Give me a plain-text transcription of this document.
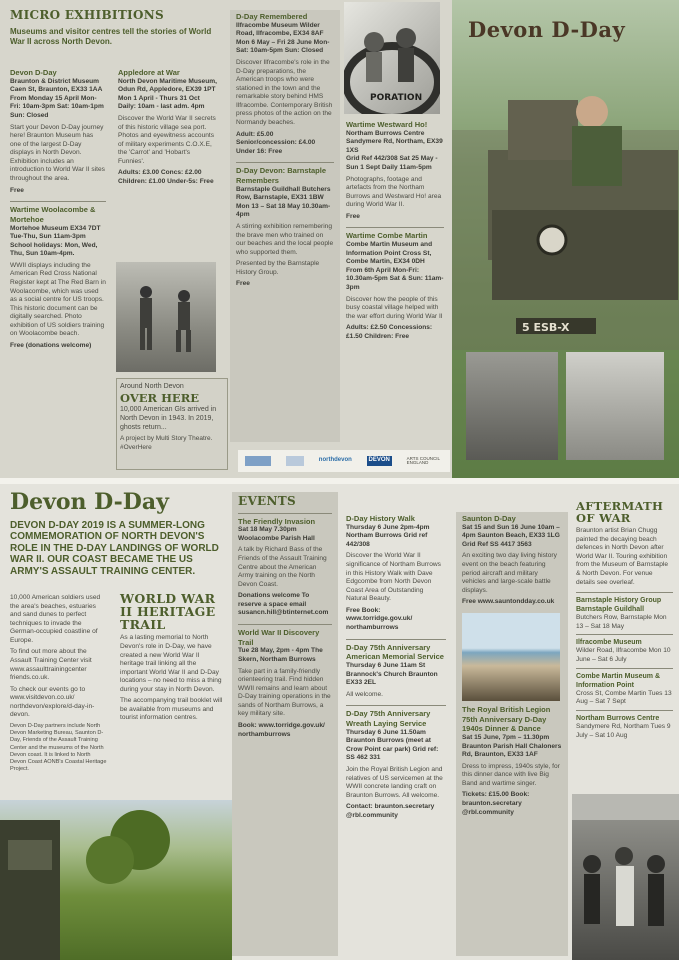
MICRO EXHIBITIONS
Museums and visitor centres tell the stories of World War II across North Devon.
Devon D-Day
Braunton & District Museum Caen St, Braunton, EX33 1AA
From Monday 15 April Mon-Fri: 10am-3pm Sat: 10am-1pm Sun: Closed

Start your Devon D-Day journey here! Braunton Museum has one of the largest D-Day displays in North Devon. Exhibition includes an introduction to World War II sites throughout the area.

Free

Wartime Woolacombe & Mortehoe
Mortehoe Museum EX34 7DT
Tue-Thu, Sun 11am-3pm School holidays: Mon, Wed, Thu, Sun 10am-4pm.

WWII displays including the American Red Cross National Register kept at The Red Barn in Woolacombe, which was used as a social centre for US troops. This historic document can be digitally searched. Photo exhibition of US soldiers training on Woolacombe beach.

Free (donations welcome)

Appledore at War
North Devon Maritime Museum, Odun Rd, Appledore, EX39 1PT
Mon 1 April - Thurs 31 Oct Daily: 10am - last adm. 4pm

Discover the World War II secrets of this historic village sea port. Photos and eyewitness accounts of military experiments C.O.X.E, the 'Carrot' and 'Hobart's Funnies'.

Adults: £3.00 Concs: £2.00 Children: £1.00 Under-5s: Free

Around North Devon
OVER HERE
10,000 American GIs arrived in North Devon in 1943. In 2019, ghosts return...
A project by Multi Story Theatre. #OverHere
D-Day Remembered
Ilfracombe Museum Wilder Road, Ilfracombe, EX34 8AF
Mon 6 May – Fri 28 June Mon-Sat: 10am-5pm Sun: Closed

Discover Ilfracombe's role in the D-Day preparations, the American troops who were stationed in the town and the remarkable story behind HMS Ilfracombe. Contemporary British press photos of the action on the Normandy beaches.

Adult: £5.00 Senior/concession: £4.00 Under 16: Free

D-Day Devon: Barnstaple Remembers
Barnstaple Guildhall Butchers Row, Barnstaple, EX31 1BW
Mon 13 – Sat 18 May 10.30am-4pm

A stirring exhibition remembering the brave men who trained on our beaches and the local people who supported them.

Presented by the Barnstaple History Group.

Free

PORATION
Wartime Westward Ho!
Northam Burrows Centre Sandymere Rd, Northam, EX39 1XS
Grid Ref 442/308 Sat 25 May - Sun 1 Sept Daily 11am-5pm

Photographs, footage and artefacts from the Northam Burrows and Westward Ho! area during World War II.

Free

Wartime Combe Martin
Combe Martin Museum and Information Point Cross St, Combe Martin, EX34 0DH
From 6th April Mon-Fri: 10.30am-5pm Sat & Sun: 11am-3pm

Discover how the people of this busy coastal village helped with the war effort during World War II

Adults: £2.50 Concessions: £1.50 Children: Free

northdevon	DEVON	ARTS COUNCIL ENGLAND
Devon D-Day
5 ESB-X
Devon D-Day
DEVON D-DAY 2019 IS A SUMMER-LONG COMMEMORATION OF NORTH DEVON'S ROLE IN THE D-DAY LANDINGS OF WORLD WAR II. OUR COAST BECAME THE US ARMY'S ASSAULT TRAINING CENTER.
10,000 American soldiers used the area's beaches, estuaries and sand dunes to perfect techniques to invade the German-occupied coastline of Europe.

To find out more about the Assault Training Center visit www.assaulttrainingcenter friends.co.uk.

To check our events go to www.visitdevon.co.uk/ northdevon/explore/d-day-in-devon.

Devon D-Day partners include North Devon Marketing Bureau, Saunton D-Day, Friends of the Assault Training Center and the museums of the North Devon coast. It is linked to North Devon Coast AONB's Coastal Heritage Project.

WORLD WAR II HERITAGE TRAIL

As a lasting memorial to North Devon's role in D-Day, we have created a new World War II heritage trail linking all the important World War II and D-Day locations – no need to miss a thing during your stay in North Devon.

The accompanying trail booklet will be available from museums and tourist information centres.

EVENTS
The Friendly Invasion
Sat 18 May 7.30pm Woolacombe Parish Hall

A talk by Richard Bass of the Friends of the Assault Training Centre about the American Army training on the North Devon Coast.

Donations welcome To reserve a space email susancn.hill@btinternet.com

World War II Discovery Trail
Tue 28 May, 2pm - 4pm The Skern, Northam Burrows

Take part in a family-friendly orienteering trail. Find hidden WWII remains and learn about D-Day training operations in the sands of Northam Burrows, a key military site.

Book: www.torridge.gov.uk/ northamburrows

D-Day History Walk
Thursday 6 June 2pm-4pm Northam Burrows Grid ref 442/308

Discover the World War II significance of Northam Burrows in this History Walk with Dave Edgcombe from North Devon Coast Area of Outstanding Natural Beauty.

Free Book: www.torridge.gov.uk/ northamburrows

D-Day 75th Anniversary American Memorial Service
Thursday 6 June 11am St Brannock's Church Braunton EX33 2EL

All welcome.

D-Day 75th Anniversary Wreath Laying Service
Thursday 6 June 11.50am Braunton Burrows (meet at Crow Point car park) Grid ref: SS 462 331

Join the Royal British Legion and relatives of US servicemen at the WWII concrete landing craft on Braunton Burrows. All welcome.

Contact: braunton.secretary @rbl.community

Saunton D-Day
Sat 15 and Sun 16 June 10am – 4pm Saunton Beach, EX33 1LG Grid Ref SS 4417 3563

An exciting two day living history event on the beach featuring period aircraft and military vehicles and large-scale battle displays.

Free www.sauntondday.co.uk

The Royal British Legion 75th Anniversary D-Day 1940s Dinner & Dance
Sat 15 June, 7pm – 11.30pm Braunton Parish Hall Chaloners Rd, Braunton, EX33 1AF

Dress to impress, 1940s style, for this dinner dance with live Big Band and wartime singer.

Tickets: £15.00 Book: braunton.secretary @rbl.community

AFTERMATH OF WAR

Braunton artist Brian Chugg painted the decaying beach defences in North Devon after World War II. Touring exhibition from the Museum of Barnstaple & North Devon. For venue details see overleaf.

Barnstaple History Group Barnstaple Guildhall
Butchers Row, Barnstaple Mon 13 – Sat 18 May
Ilfracombe Museum
Wilder Road, Ilfracombe Mon 10 June – Sat 6 July
Combe Martin Museum & Information Point
Cross St, Combe Martin Tues 13 Aug – Sat 7 Sept
Northam Burrows Centre
Sandymere Rd, Northam Tues 9 July – Sat 10 Aug
